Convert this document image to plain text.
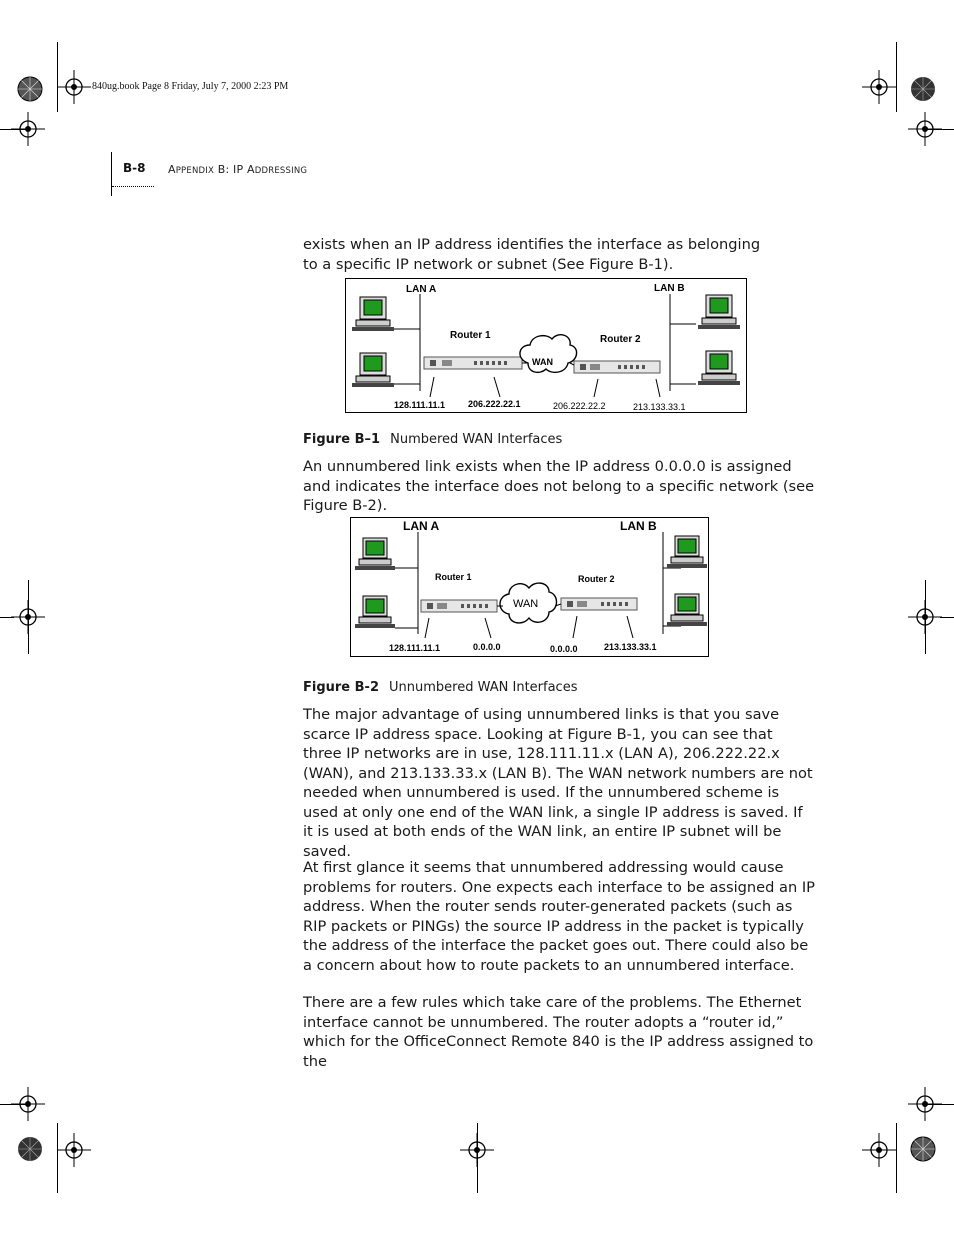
840ug.book Page 8 Friday, July 7, 2000 2:23 PM
B-8 APPENDIX B: IP ADDRESSING
exists when an IP address identifies the interface as belonging to a specific IP network or subnet (See Figure B-1).
LAN A	LAN B
Router 1	Router 2
WAN
128.111.11.1	206.222.22.1	206.222.22.2	213.133.33.1
Figure B–1 Numbered WAN Interfaces
An unnumbered link exists when the IP address 0.0.0.0 is assigned and indicates the interface does not belong to a specific network (see Figure B-2).
LAN A	LAN B
Router 1	Router 2
WAN
128.111.11.1	0.0.0.0	0.0.0.0	213.133.33.1
Figure B-2 Unnumbered WAN Interfaces
The major advantage of using unnumbered links is that you save scarce IP address space. Looking at Figure B-1, you can see that three IP networks are in use, 128.111.11.x (LAN A), 206.222.22.x (WAN), and 213.133.33.x (LAN B). The WAN network numbers are not needed when unnumbered is used. If the unnumbered scheme is used at only one end of the WAN link, a single IP address is saved. If it is used at both ends of the WAN link, an entire IP subnet will be saved.
At first glance it seems that unnumbered addressing would cause problems for routers. One expects each interface to be assigned an IP address. When the router sends router-generated packets (such as RIP packets or PINGs) the source IP address in the packet is typically the address of the interface the packet goes out. There could also be a concern about how to route packets to an unnumbered interface.
There are a few rules which take care of the problems. The Ethernet interface cannot be unnumbered. The router adopts a “router id,” which for the OfficeConnect Remote 840 is the IP address assigned to the
